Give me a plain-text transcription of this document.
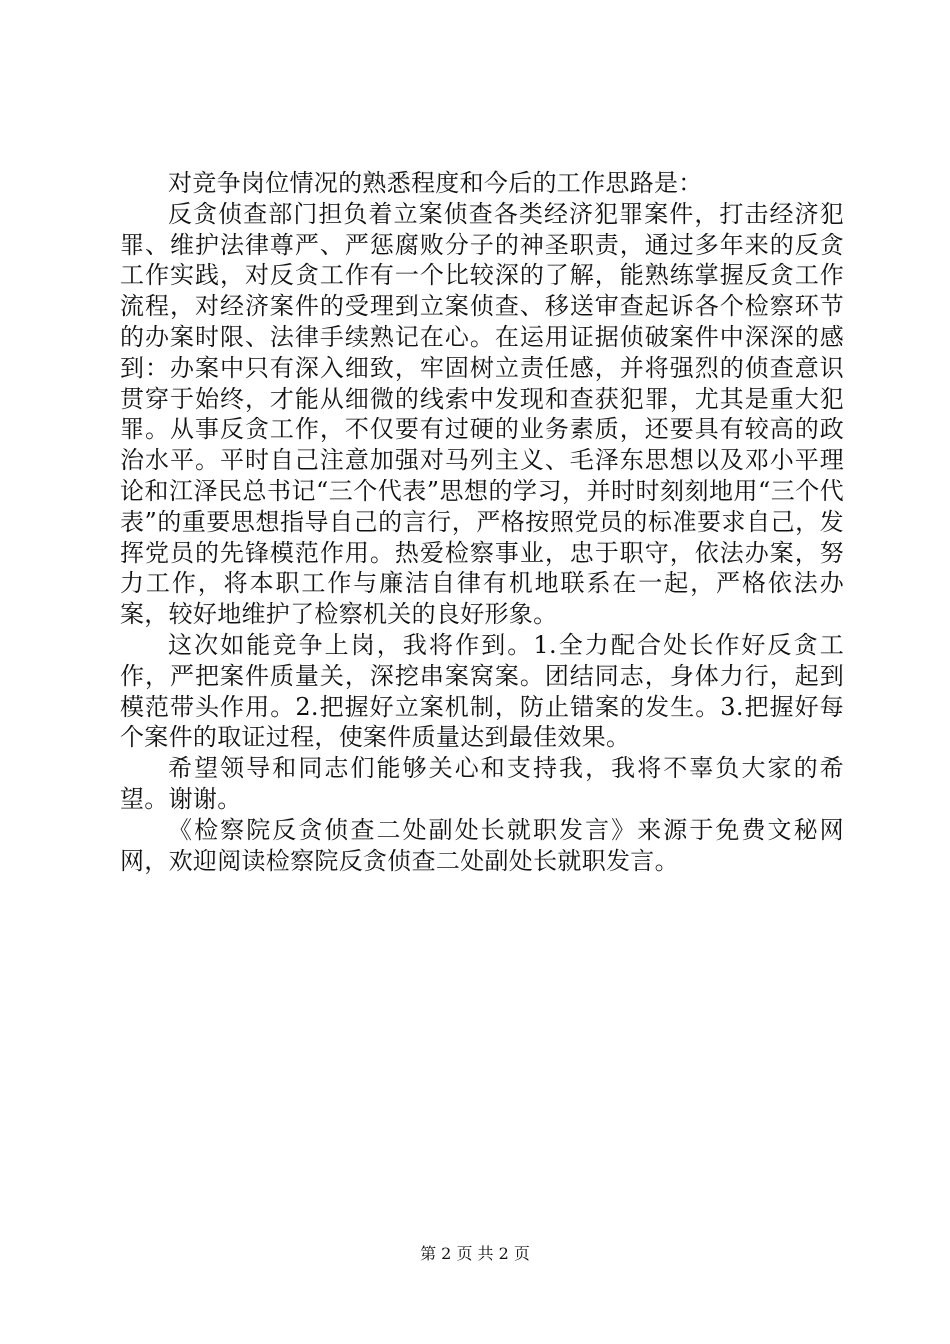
对竞争岗位情况的熟悉程度和今后的工作思路是：

反贪侦查部门担负着立案侦查各类经济犯罪案件，打击经济犯罪、维护法律尊严、严惩腐败分子的神圣职责，通过多年来的反贪工作实践，对反贪工作有一个比较深的了解，能熟练掌握反贪工作流程，对经济案件的受理到立案侦查、移送审查起诉各个检察环节的办案时限、法律手续熟记在心。在运用证据侦破案件中深深的感到：办案中只有深入细致，牢固树立责任感，并将强烈的侦查意识贯穿于始终，才能从细微的线索中发现和查获犯罪，尤其是重大犯罪。从事反贪工作，不仅要有过硬的业务素质，还要具有较高的政治水平。平时自己注意加强对马列主义、毛泽东思想以及邓小平理论和江泽民总书记“三个代表”思想的学习，并时时刻刻地用“三个代表”的重要思想指导自己的言行，严格按照党员的标准要求自己，发挥党员的先锋模范作用。热爱检察事业，忠于职守，依法办案，努力工作，将本职工作与廉洁自律有机地联系在一起，严格依法办案，较好地维护了检察机关的良好形象。

这次如能竞争上岗，我将作到。1.全力配合处长作好反贪工作，严把案件质量关，深挖串案窝案。团结同志，身体力行，起到模范带头作用。2.把握好立案机制，防止错案的发生。3.把握好每个案件的取证过程，使案件质量达到最佳效果。

希望领导和同志们能够关心和支持我，我将不辜负大家的希望。谢谢。

《检察院反贪侦查二处副处长就职发言》来源于免费文秘网网，欢迎阅读检察院反贪侦查二处副处长就职发言。

第 2 页 共 2 页
